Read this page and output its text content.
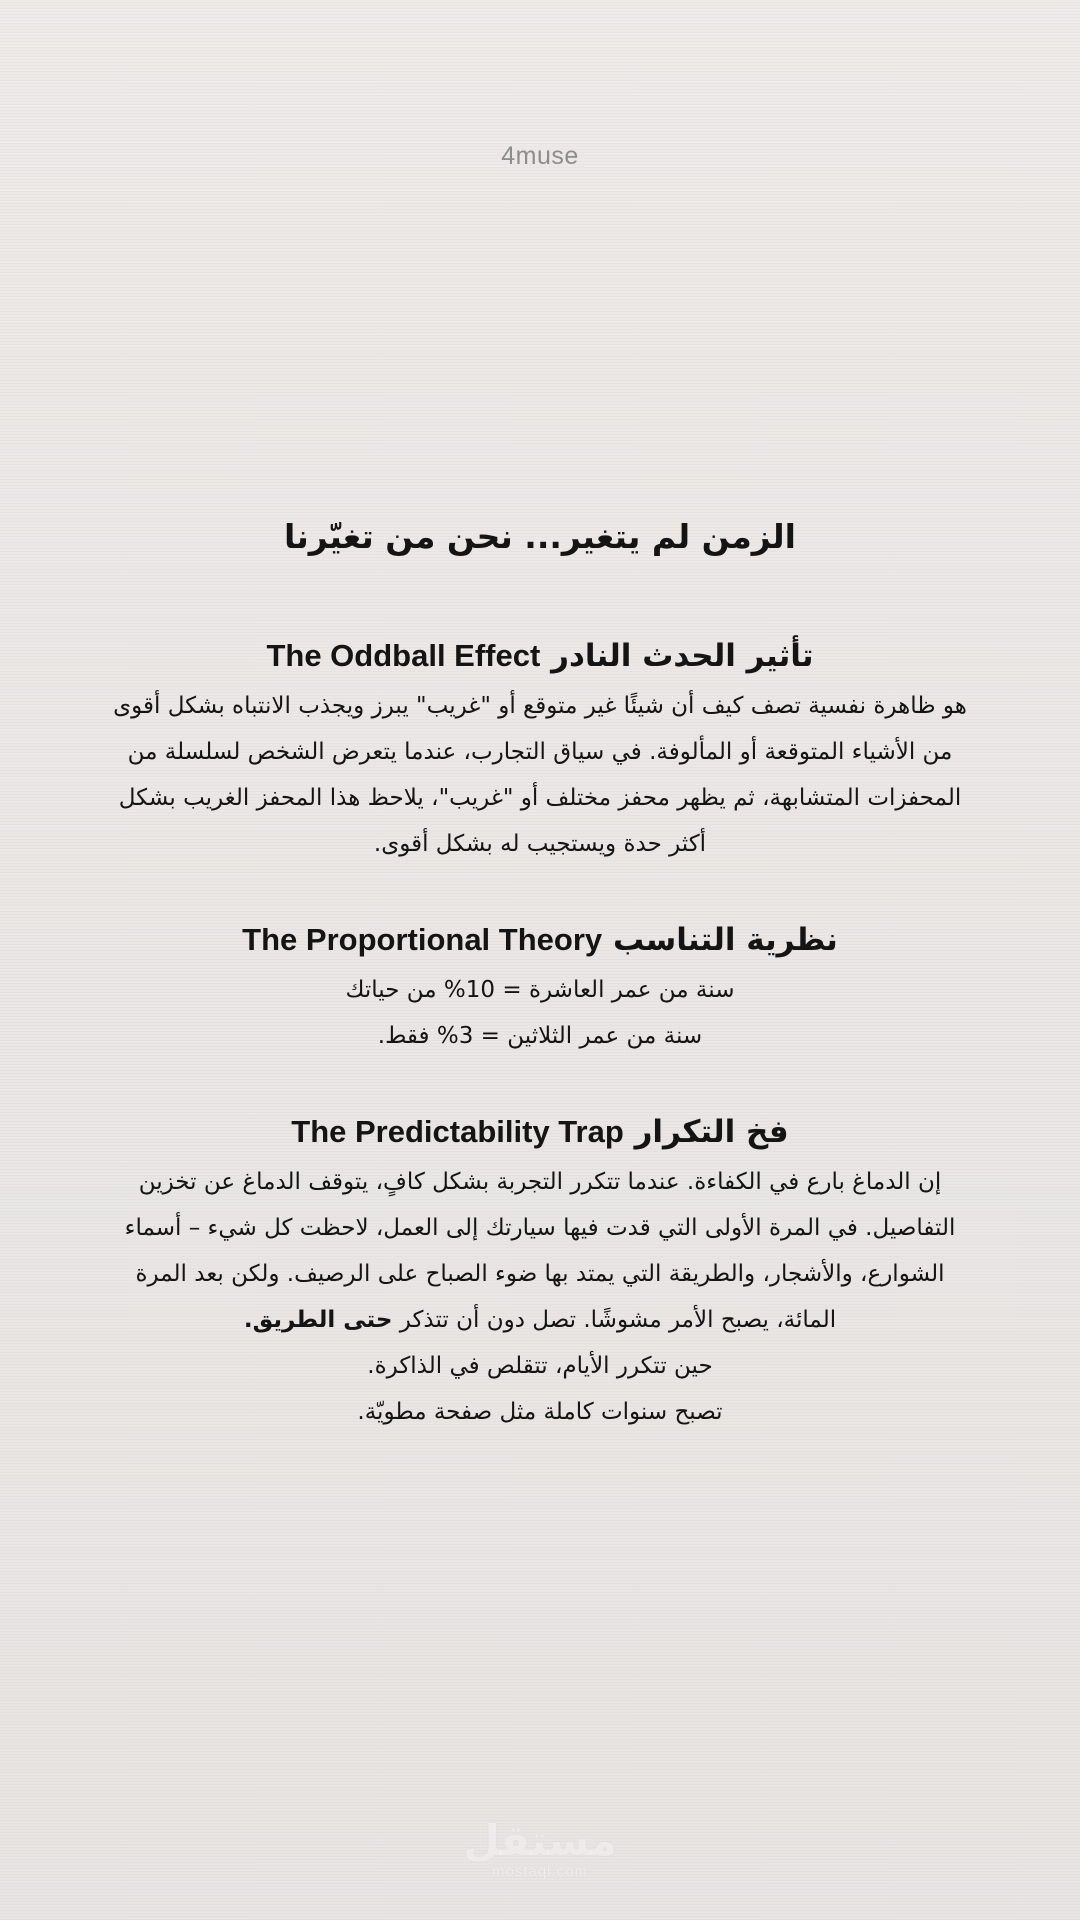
4muse
الزمن لم يتغير... نحن من تغيّرنا
تأثير الحدث النادر The Oddball Effect

هو ظاهرة نفسية تصف كيف أن شيئًا غير متوقع أو "غريب" يبرز ويجذب الانتباه بشكل أقوى من الأشياء المتوقعة أو المألوفة. في سياق التجارب، عندما يتعرض الشخص لسلسلة من المحفزات المتشابهة، ثم يظهر محفز مختلف أو "غريب"، يلاحظ هذا المحفز الغريب بشكل أكثر حدة ويستجيب له بشكل أقوى.

نظرية التناسب The Proportional Theory

سنة من عمر العاشرة = 10% من حياتك

سنة من عمر الثلاثين = 3% فقط.

فخ التكرار The Predictability Trap

إن الدماغ بارع في الكفاءة. عندما تتكرر التجربة بشكل كافٍ، يتوقف الدماغ عن تخزين التفاصيل. في المرة الأولى التي قدت فيها سيارتك إلى العمل، لاحظت كل شيء – أسماء الشوارع، والأشجار، والطريقة التي يمتد بها ضوء الصباح على الرصيف. ولكن بعد المرة المائة، يصبح الأمر مشوشًا. تصل دون أن تتذكر حتى الطريق.

حين تتكرر الأيام، تتقلص في الذاكرة.

تصبح سنوات كاملة مثل صفحة مطويّة.

مستقل
mostaql.com
